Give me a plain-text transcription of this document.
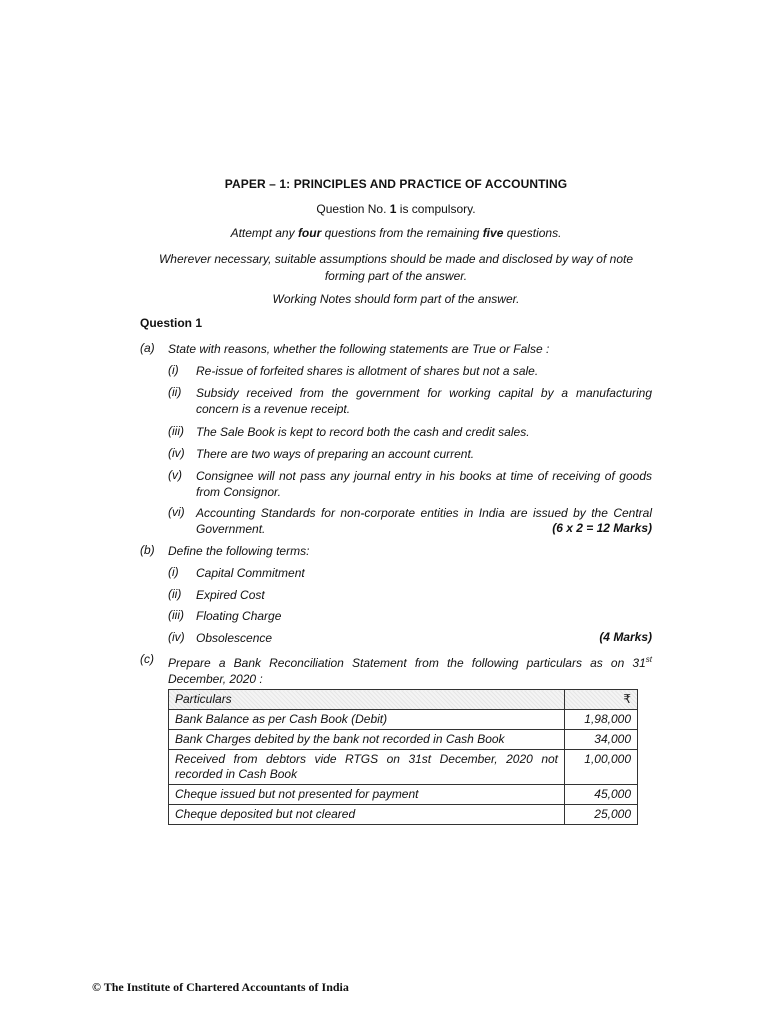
PAPER – 1: PRINCIPLES AND PRACTICE OF ACCOUNTING
Question No. 1 is compulsory.
Attempt any four questions from the remaining five questions.
Wherever necessary, suitable assumptions should be made and disclosed by way of note forming part of the answer.
Working Notes should form part of the answer.
Question 1
(a) State with reasons, whether the following statements are True or False :
(i) Re-issue of forfeited shares is allotment of shares but not a sale.
(ii) Subsidy received from the government for working capital by a manufacturing concern is a revenue receipt.
(iii) The Sale Book is kept to record both the cash and credit sales.
(iv) There are two ways of preparing an account current.
(v) Consignee will not pass any journal entry in his books at time of receiving of goods from Consignor.
(vi) Accounting Standards for non-corporate entities in India are issued by the Central Government.	(6 x 2 = 12 Marks)
(b) Define the following terms:
(i) Capital Commitment
(ii) Expired Cost
(iii) Floating Charge
(iv) Obsolescence	(4 Marks)
(c) Prepare a Bank Reconciliation Statement from the following particulars as on 31st December, 2020 :
Particulars	₹
Bank Balance as per Cash Book (Debit)	1,98,000
Bank Charges debited by the bank not recorded in Cash Book	34,000
Received from debtors vide RTGS on 31st December, 2020 not recorded in Cash Book	1,00,000
Cheque issued but not presented for payment	45,000
Cheque deposited but not cleared	25,000
© The Institute of Chartered Accountants of India
